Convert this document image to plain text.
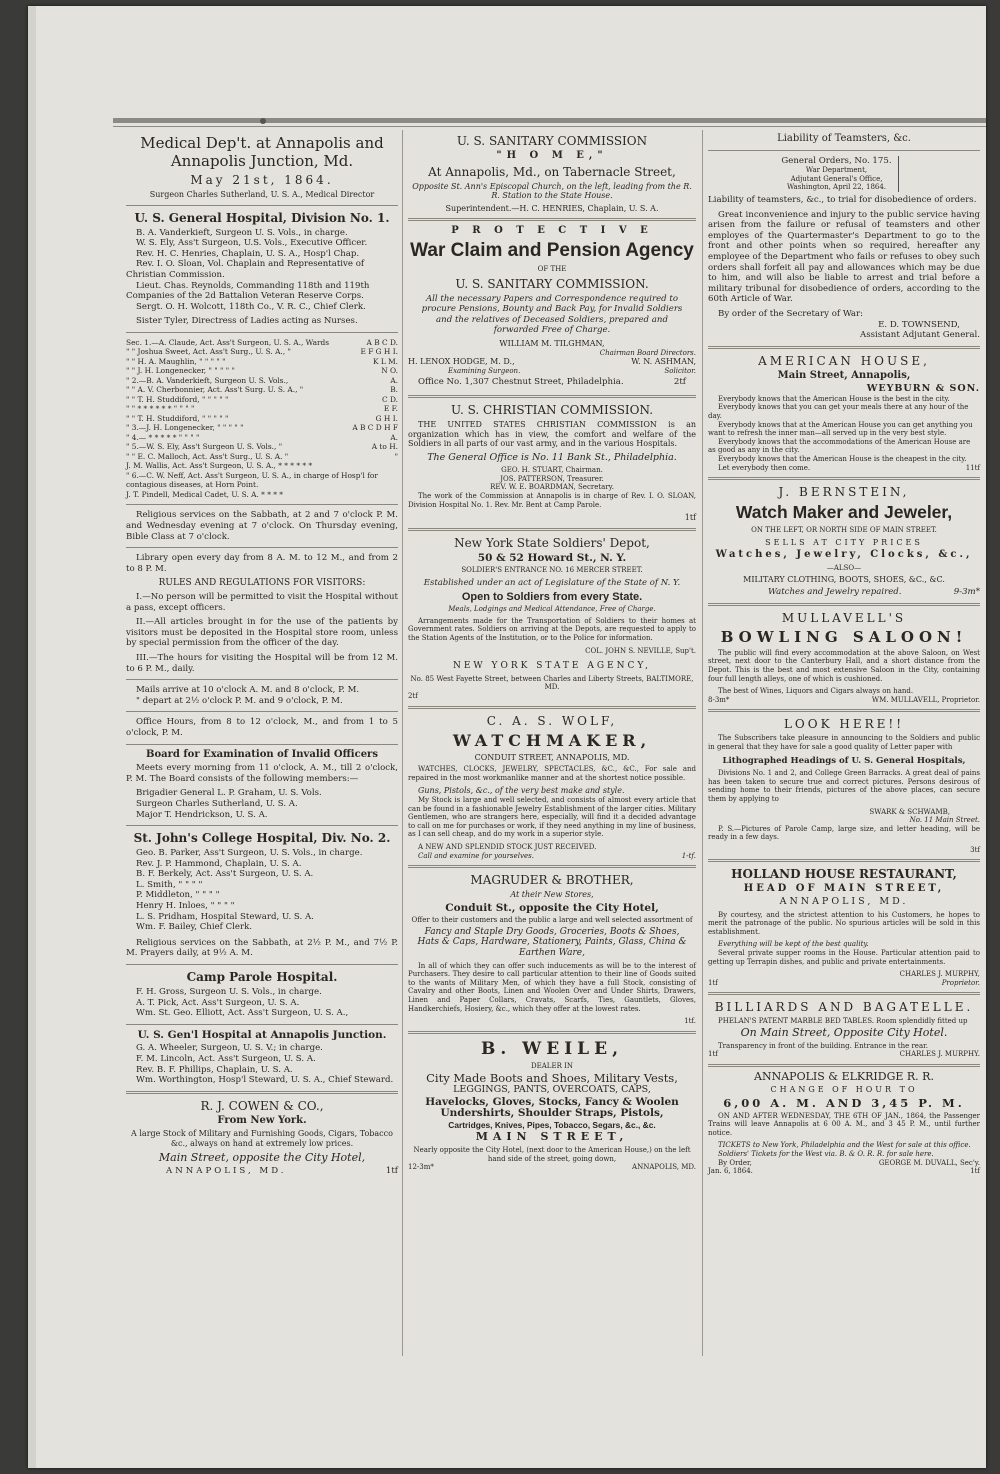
Medical Dep't. at Annapolis and Annapolis Junction, Md.
May 21st, 1864.
Surgeon Charles Sutherland, U. S. A., Medical Director
U. S. General Hospital, Division No. 1.
B. A. Vanderkieft, Surgeon U. S. Vols., in charge.
W. S. Ely, Ass't Surgeon, U.S. Vols., Executive Officer.
Rev. H. C. Henries, Chaplain, U. S. A., Hosp'l Chap.
Rev. I. O. Sloan, Vol. Chaplain and Representative of Christian Commission.
Lieut. Chas. Reynolds, Commanding 118th and 119th Companies of the 2d Battalion Veteran Reserve Corps.
Sergt. O. H. Wolcott, 118th Co., V. R. C., Chief Clerk.

Sister Tyler, Directress of Ladies acting as Nurses.

Sec. 1.—A. Claude, Act. Ass't Surgeon, U. S. A., Wards	A B C D.
" " Joshua Sweet, Act. Ass't Surg., U. S. A., "	E F G H I.
" " H. A. Maughlin, " " " " "	K L M.
" " J. H. Longenecker, " " " " "	N O.
" 2.—B. A. Vanderkieft, Surgeon U. S. Vols.,	A.
" " A. V. Cherbonnier, Act. Ass't Surg. U. S. A., "	B.
" " T. H. Studdiford, " " " " "	C D.
" " * * * * * * " " " "	E F.
" " T. H. Studdiford, " " " " "	G H I.
" 3.—J. H. Longenecker, " " " " "	A B C D H F
" 4.— * * * * * " " " "	A.
" 5.—W. S. Ely, Ass't Surgeon U. S. Vols., "	A to H.
" " E. C. Malloch, Act. Ass't Surg., U. S. A. "	"
J. M. Wallis, Act. Ass't Surgeon, U. S. A., * * * * * *
" 6.—C. W. Neff, Act. Ass't Surgeon, U. S. A., in charge of Hosp'l for contagious diseases, at Horn Point.
J. T. Pindell, Medical Cadet, U. S. A. * * * *

Religious services on the Sabbath, at 2 and 7 o'clock P. M. and Wednesday evening at 7 o'clock. On Thursday evening, Bible Class at 7 o'clock.

Library open every day from 8 A. M. to 12 M., and from 2 to 8 P. M.

RULES AND REGULATIONS FOR VISITORS:

I.—No person will be permitted to visit the Hospital without a pass, except officers.

II.—All articles brought in for the use of the patients by visitors must be deposited in the Hospital store room, unless by special permission from the officer of the day.

III.—The hours for visiting the Hospital will be from 12 M. to 6 P. M., daily.

Mails arrive at 10 o'clock A. M. and 8 o'clock, P. M.

" depart at 2½ o'clock P. M. and 9 o'clock, P. M.

Office Hours, from 8 to 12 o'clock, M., and from 1 to 5 o'clock, P. M.

Board for Examination of Invalid Officers

Meets every morning from 11 o'clock, A. M., till 2 o'clock, P. M. The Board consists of the following members:—

Brigadier General L. P. Graham, U. S. Vols.
Surgeon Charles Sutherland, U. S. A.
Major T. Hendrickson, U. S. A.
St. John's College Hospital, Div. No. 2.
Geo. B. Parker, Ass't Surgeon, U. S. Vols., in charge.
Rev. J. P. Hammond, Chaplain, U. S. A.
B. F. Berkely, Act. Ass't Surgeon, U. S. A.
L. Smith, " " " "
P. Middleton, " " " "
Henry H. Inloes, " " " "
L. S. Pridham, Hospital Steward, U. S. A.
Wm. F. Bailey, Chief Clerk.

Religious services on the Sabbath, at 2½ P. M., and 7½ P. M. Prayers daily, at 9½ A. M.

Camp Parole Hospital.
F. H. Gross, Surgeon U. S. Vols., in charge.
A. T. Pick, Act. Ass't Surgeon, U. S. A.
Wm. St. Geo. Elliott, Act. Ass't Surgeon, U. S. A.,
U. S. Gen'l Hospital at Annapolis Junction.
G. A. Wheeler, Surgeon, U. S. V.; in charge.
F. M. Lincoln, Act. Ass't Surgeon, U. S. A.
Rev. B. F. Phillips, Chaplain, U. S. A.
Wm. Worthington, Hosp'l Steward, U. S. A., Chief Steward.
R. J. COWEN & CO.,
From New York.

A large Stock of Military and Furnishing Goods, Cigars, Tobacco &c., always on hand at extremely low prices.

Main Street, opposite the City Hotel,
ANNAPOLIS, MD.	1tf
U. S. SANITARY COMMISSION
"H O M E,"
At Annapolis, Md., on Tabernacle Street,
Opposite St. Ann's Episcopal Church, on the left, leading from the R. R. Station to the State House.
Superintendent.—H. C. HENRIES, Chaplain, U. S. A.
P R O T E C T I V E
War Claim and Pension Agency
OF THE
U. S. SANITARY COMMISSION.
All the necessary Papers and Correspondence required to procure Pensions, Bounty and Back Pay, for Invalid Soldiers and the relatives of Deceased Soldiers, prepared and forwarded Free of Charge.
WILLIAM M. TILGHMAN,
Chairman Board Directors.
H. LENOX HODGE, M. D.,	W. N. ASHMAN,
Examining Surgeon.	Solicitor.
Office No. 1,307 Chestnut Street, Philadelphia.	2tf
U. S. CHRISTIAN COMMISSION.

THE UNITED STATES CHRISTIAN COMMISSION is an organization which has in view, the comfort and welfare of the Soldiers in all parts of our vast army, and in the various Hospitals.

The General Office is No. 11 Bank St., Philadelphia.
GEO. H. STUART, Chairman.
JOS. PATTERSON, Treasurer.
REV. W. E. BOARDMAN, Secretary.

The work of the Commission at Annapolis is in charge of Rev. I. O. SLOAN, Division Hospital No. 1. Rev. Mr. Bent at Camp Parole.

1tf
New York State Soldiers' Depot,
50 & 52 Howard St., N. Y.
SOLDIER'S ENTRANCE NO. 16 MERCER STREET.
Established under an act of Legislature of the State of N. Y.
Open to Soldiers from every State.
Meals, Lodgings and Medical Attendance, Free of Charge.

Arrangements made for the Transportation of Soldiers to their homes at Government rates. Soldiers on arriving at the Depots, are requested to apply to the Station Agents of the Institution, or to the Police for information.

COL. JOHN S. NEVILLE, Sup't.
NEW YORK STATE AGENCY,
No. 85 West Fayette Street, between Charles and Liberty Streets, BALTIMORE, MD.
2tf
C. A. S. WOLF,
WATCHMAKER,
CONDUIT STREET, ANNAPOLIS, MD.

WATCHES, CLOCKS, JEWELRY, SPECTACLES, &C., &C., For sale and repaired in the most workmanlike manner and at the shortest notice possible.

Guns, Pistols, &c., of the very best make and style.

My Stock is large and well selected, and consists of almost every article that can be found in a fashionable Jewelry Establishment of the larger cities. Military Gentlemen, who are strangers here, especially, will find it a decided advantage to call on me for purchases or work, if they need anything in my line of business, as I can sell cheap, and do my work in a superior style.

A NEW AND SPLENDID STOCK JUST RECEIVED.
Call and examine for yourselves.	1-tf.
MAGRUDER & BROTHER,
At their New Stores,
Conduit St., opposite the City Hotel,
Offer to their customers and the public a large and well selected assortment of
Fancy and Staple Dry Goods, Groceries, Boots & Shoes, Hats & Caps, Hardware, Stationery, Paints, Glass, China & Earthen Ware,

In all of which they can offer such inducements as will be to the interest of Purchasers. They desire to call particular attention to their line of Goods suited to the wants of Military Men, of which they have a full Stock, consisting of Cavalry and other Boots, Linen and Woolen Over and Under Shirts, Drawers, Linen and Paper Collars, Cravats, Scarfs, Ties, Gauntlets, Gloves, Handkerchiefs, Hosiery, &c., which they offer at the lowest rates.

1tf.
B. WEILE,
DEALER IN
City Made Boots and Shoes, Military Vests,
LEGGINGS, PANTS, OVERCOATS, CAPS,
Havelocks, Gloves, Stocks, Fancy & Woolen
Undershirts, Shoulder Straps, Pistols,
Cartridges, Knives, Pipes, Tobacco, Segars, &c., &c.
MAIN STREET,
Nearly opposite the City Hotel, (next door to the American House,) on the left hand side of the street, going down,
12-3m*	ANNAPOLIS, MD.
Liability of Teamsters, &c.
General Orders, No. 175.
War Department,
Adjutant General's Office,
Washington, April 22, 1864.

Liability of teamsters, &c., to trial for disobedience of orders.

Great inconvenience and injury to the public service having arisen from the failure or refusal of teamsters and other employes of the Quartermaster's Department to go to the front and other points when so required, hereafter any employee of the Department who fails or refuses to obey such orders shall forfeit all pay and allowances which may be due to him, and will also be liable to arrest and trial before a military tribunal for disobedience of orders, according to the 60th Article of War.

By order of the Secretary of War:
E. D. TOWNSEND,
Assistant Adjutant General.
AMERICAN HOUSE,
Main Street, Annapolis,
WEYBURN & SON.
Everybody knows that the American House is the best in the city.
Everybody knows that you can get your meals there at any hour of the day.
Everybody knows that at the American House you can get anything you want to refresh the inner man—all served up in the very best style.
Everybody knows that the accommodations of the American House are as good as any in the city.
Everybody knows that the American House is the cheapest in the city.
Let everybody then come.	11tf
J. BERNSTEIN,
Watch Maker and Jeweler,
ON THE LEFT, OR NORTH SIDE OF MAIN STREET.
SELLS AT CITY PRICES
Watches, Jewelry, Clocks, &c.,
—ALSO—
MILITARY CLOTHING, BOOTS, SHOES, &C., &C.
Watches and Jewelry repaired.	9-3m*
MULLAVELL'S
BOWLING SALOON!

The public will find every accommodation at the above Saloon, on West street, next door to the Canterbury Hall, and a short distance from the Depot. This is the best and most extensive Saloon in the City, containing four full length alleys, one of which is cushioned.

The best of Wines, Liquors and Cigars always on hand.
8-3m*	WM. MULLAVELL, Proprietor.
LOOK HERE!!

The Subscribers take pleasure in announcing to the Soldiers and public in general that they have for sale a good quality of Letter paper with

Lithographed Headings of U. S. General Hospitals,

Divisions No. 1 and 2, and College Green Barracks. A great deal of pains has been taken to secure true and correct pictures. Persons desirous of sending home to their friends, pictures of the above places, can secure them by applying to

SWARK & SCHWAMB,
No. 11 Main Street.

P. S.—Pictures of Parole Camp, large size, and letter heading, will be ready in a few days.

3tf
HOLLAND HOUSE RESTAURANT,
HEAD OF MAIN STREET,
ANNAPOLIS, MD.

By courtesy, and the strictest attention to his Customers, he hopes to merit the patronage of the public. No spurious articles will be sold in this establishment.

Everything will be kept of the best quality.

Several private supper rooms in the House. Particular attention paid to getting up Terrapin dishes, and public and private entertainments.

CHARLES J. MURPHY,
1tf	Proprietor.
BILLIARDS AND BAGATELLE.
PHELAN'S PATENT MARBLE BED TABLES. Room splendidly fitted up
On Main Street, Opposite City Hotel.
Transparency in front of the building. Entrance in the rear.
1tf	CHARLES J. MURPHY.
ANNAPOLIS & ELKRIDGE R. R.
CHANGE OF HOUR TO
6,00 A. M. AND 3,45 P. M.

ON AND AFTER WEDNESDAY, THE 6TH OF JAN., 1864, the Passenger Trains will leave Annapolis at 6 00 A. M., and 3 45 P. M., until further notice.

TICKETS to New York, Philadelphia and the West for sale at this office.
Soldiers' Tickets for the West via. B. & O. R. R. for sale here.
By Order,	GEORGE M. DUVALL, Sec'y.
Jan. 6, 1864.	1tf
